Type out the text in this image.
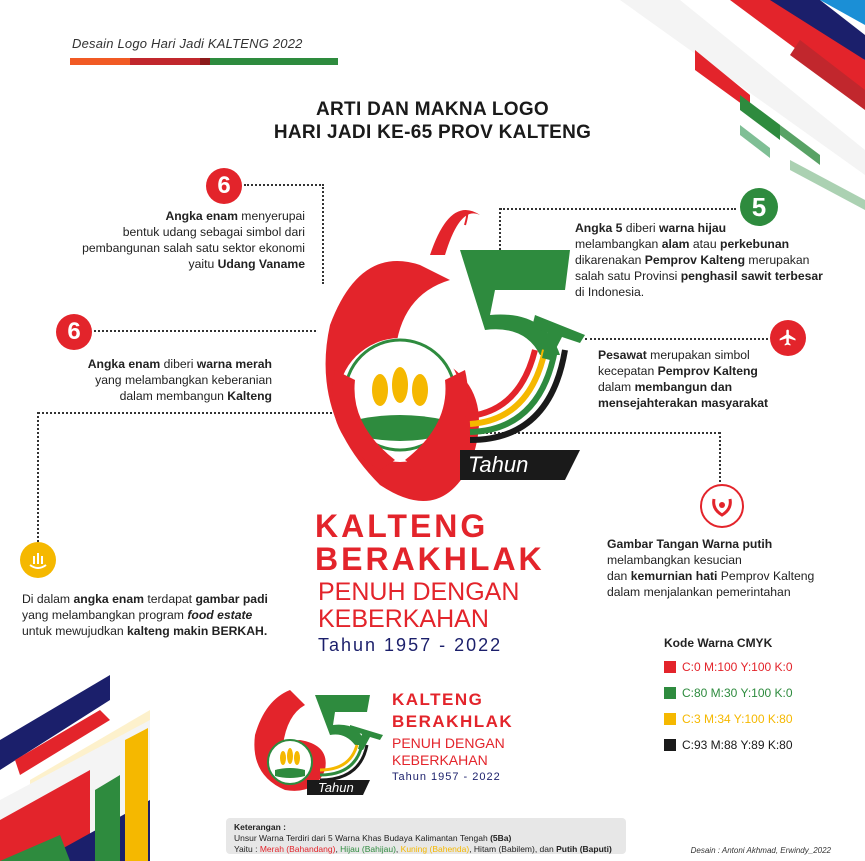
Desain Logo Hari Jadi KALTENG 2022
ARTI DAN MAKNA LOGO
HARI JADI KE-65 PROV KALTENG
6
Angka enam menyerupai
bentuk udang sebagai simbol dari
pembangunan salah satu sektor ekonomi
yaitu Udang Vaname
6
Angka enam diberi warna merah
yang melambangkan keberanian
dalam membangun Kalteng
Di dalam angka enam terdapat gambar padi
yang melambangkan program food estate
untuk mewujudkan kalteng makin BERKAH.
5
Angka 5 diberi warna hijau
melambangkan alam atau perkebunan
dikarenakan Pemprov Kalteng merupakan
salah satu Provinsi penghasil sawit terbesar
di Indonesia.
Pesawat merupakan simbol
kecepatan Pemprov Kalteng
dalam membangun dan
mensejahterakan masyarakat
Gambar Tangan Warna putih
melambangkan kesucian
dan kemurnian hati Pemprov Kalteng
dalam menjalankan pemerintahan
Tahun
KALTENG
BERAKHLAK
PENUH DENGAN
KEBERKAHAN
Tahun 1957 - 2022	Kode Warna CMYK
C:0 M:100 Y:100 K:0
C:80 M:30 Y:100 K:0
C:3 M:34 Y:100 K:80
C:93 M:88 Y:89 K:80
Tahun
KALTENG
BERAKHLAK
PENUH DENGAN
KEBERKAHAN
Tahun 1957 - 2022
Keterangan :
Unsur Warna Terdiri dari 5 Warna Khas Budaya Kalimantan Tengah (5Ba)
Yaitu : Merah (Bahandang), Hijau (Bahijau), Kuning (Bahenda), Hitam (Babilem), dan Putih (Baputi)	Desain : Antoni Akhmad, Erwindy_2022
